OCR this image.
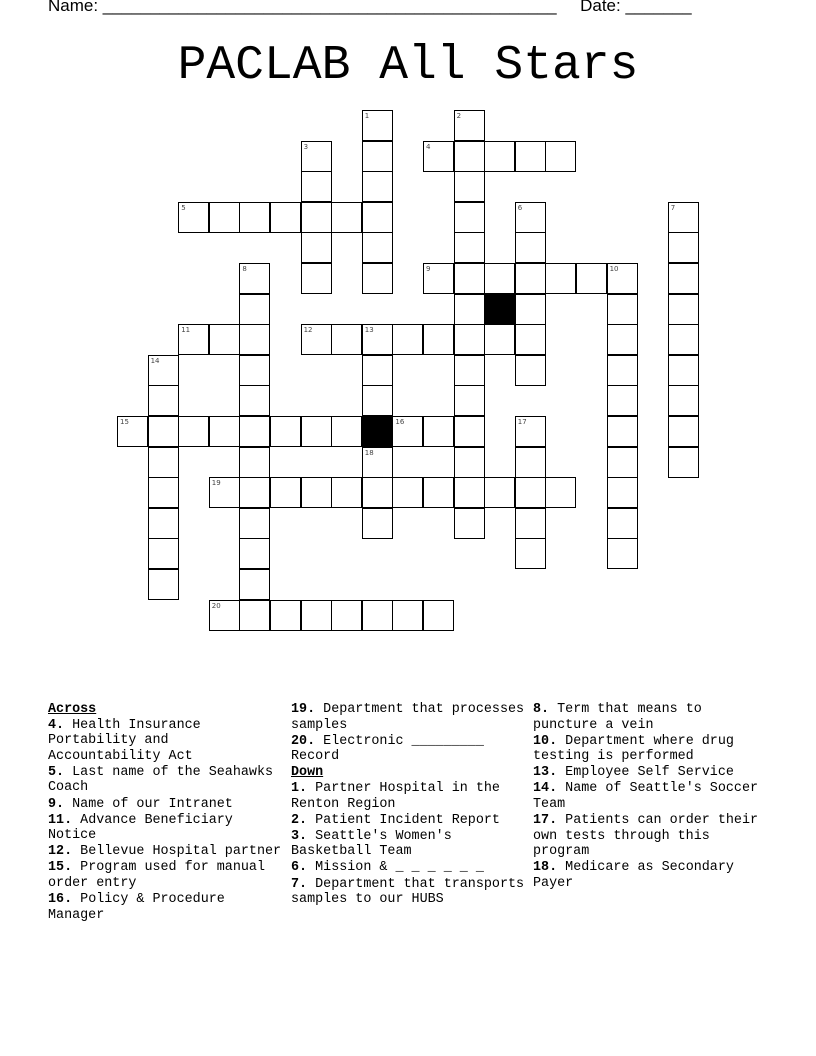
Name: ________________________________________________ Date: _______
PACLAB All Stars
1	2
3	4
5	6	7
8	9	10
11	12	13
14
15	16	17
18
19
20
Across
4. Health Insurance Portability and Accountability Act
5. Last name of the Seahawks Coach
9. Name of our Intranet
11. Advance Beneficiary Notice
12. Bellevue Hospital partner
15. Program used for manual order entry
16. Policy & Procedure Manager
19. Department that processes samples
20. Electronic _________ Record
Down
1. Partner Hospital in the Renton Region
2. Patient Incident Report
3. Seattle's Women's Basketball Team
6. Mission & _ _ _ _ _ _
7. Department that transports samples to our HUBS
8. Term that means to puncture a vein
10. Department where drug testing is performed
13. Employee Self Service
14. Name of Seattle's Soccer Team
17. Patients can order their own tests through this program
18. Medicare as Secondary Payer
